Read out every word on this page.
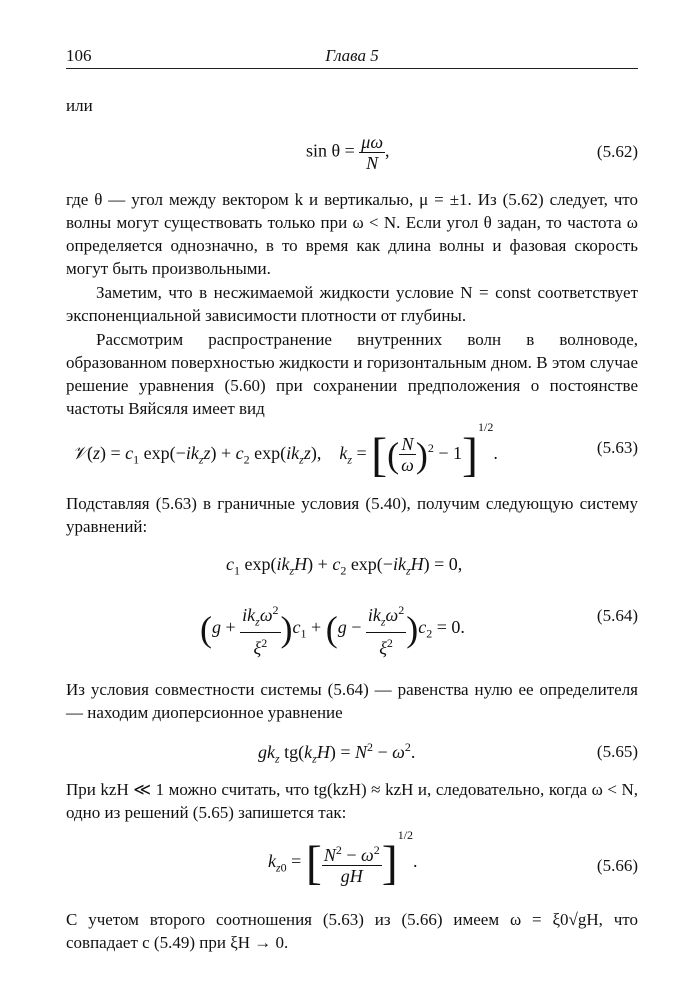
106	Глава 5

или

$\sin \theta = \frac{\mu\omega}{N}$ ,	(5.62)

где θ — угол между вектором k и вертикалью, μ = ±1. Из (5.62) следует, что волны могут существовать только при ω < N. Если угол θ задан, то частота ω определяется однозначно, в то время как длина волны и фазовая скорость могут быть произвольными.

Заметим, что в несжимаемой жидкости условие N = const соответствует экспоненциальной зависимости плотности от глубины.

Рассмотрим распространение внутренних волн в волноводе, образованном поверхностью жидкости и горизонтальным дном. В этом случае решение уравнения (5.60) при сохранении предположения о постоянстве частоты Вяйсяля имеет вид

𝒱(z) = $c_1$ $\exp(-ik_zz) + c_2$ $\exp(ik_zz)$,    $k_z$ = [( $\frac{N}{\omega} )^2 - 1]^{1/2}$.	(5.63)

Подставляя (5.63) в граничные условия (5.40), получим следующую систему уравнений:

$c_1$ $\exp(ik_zH) + c_2$ $\exp(-ik_zH) = 0$,
$(g + \frac{ik_z\omega^2}{\xi^2} )c_1 + (g - \frac{ik_z\omega^2}{\xi^2} )c_2 = 0$.
(5.64)

Из условия совместности системы (5.64) — равенства нулю ее определителя — находим диоперсионное уравнение

$gk_z$ $tg(k_zH) = N^2 - \omega^2$.	(5.65)

При kzH ≪ 1 можно считать, что tg(kzH) ≈ kzH и, следовательно, когда ω < N, одно из решений (5.65) запишется так:

$k_{z0}$ = [ $\frac{N^2 - \omega^2}{gH} ]^{1/2}$.	(5.66)

С учетом второго соотношения (5.63) из (5.66) имеем ω = ξ0√gH, что совпадает с (5.49) при ξH → 0.
